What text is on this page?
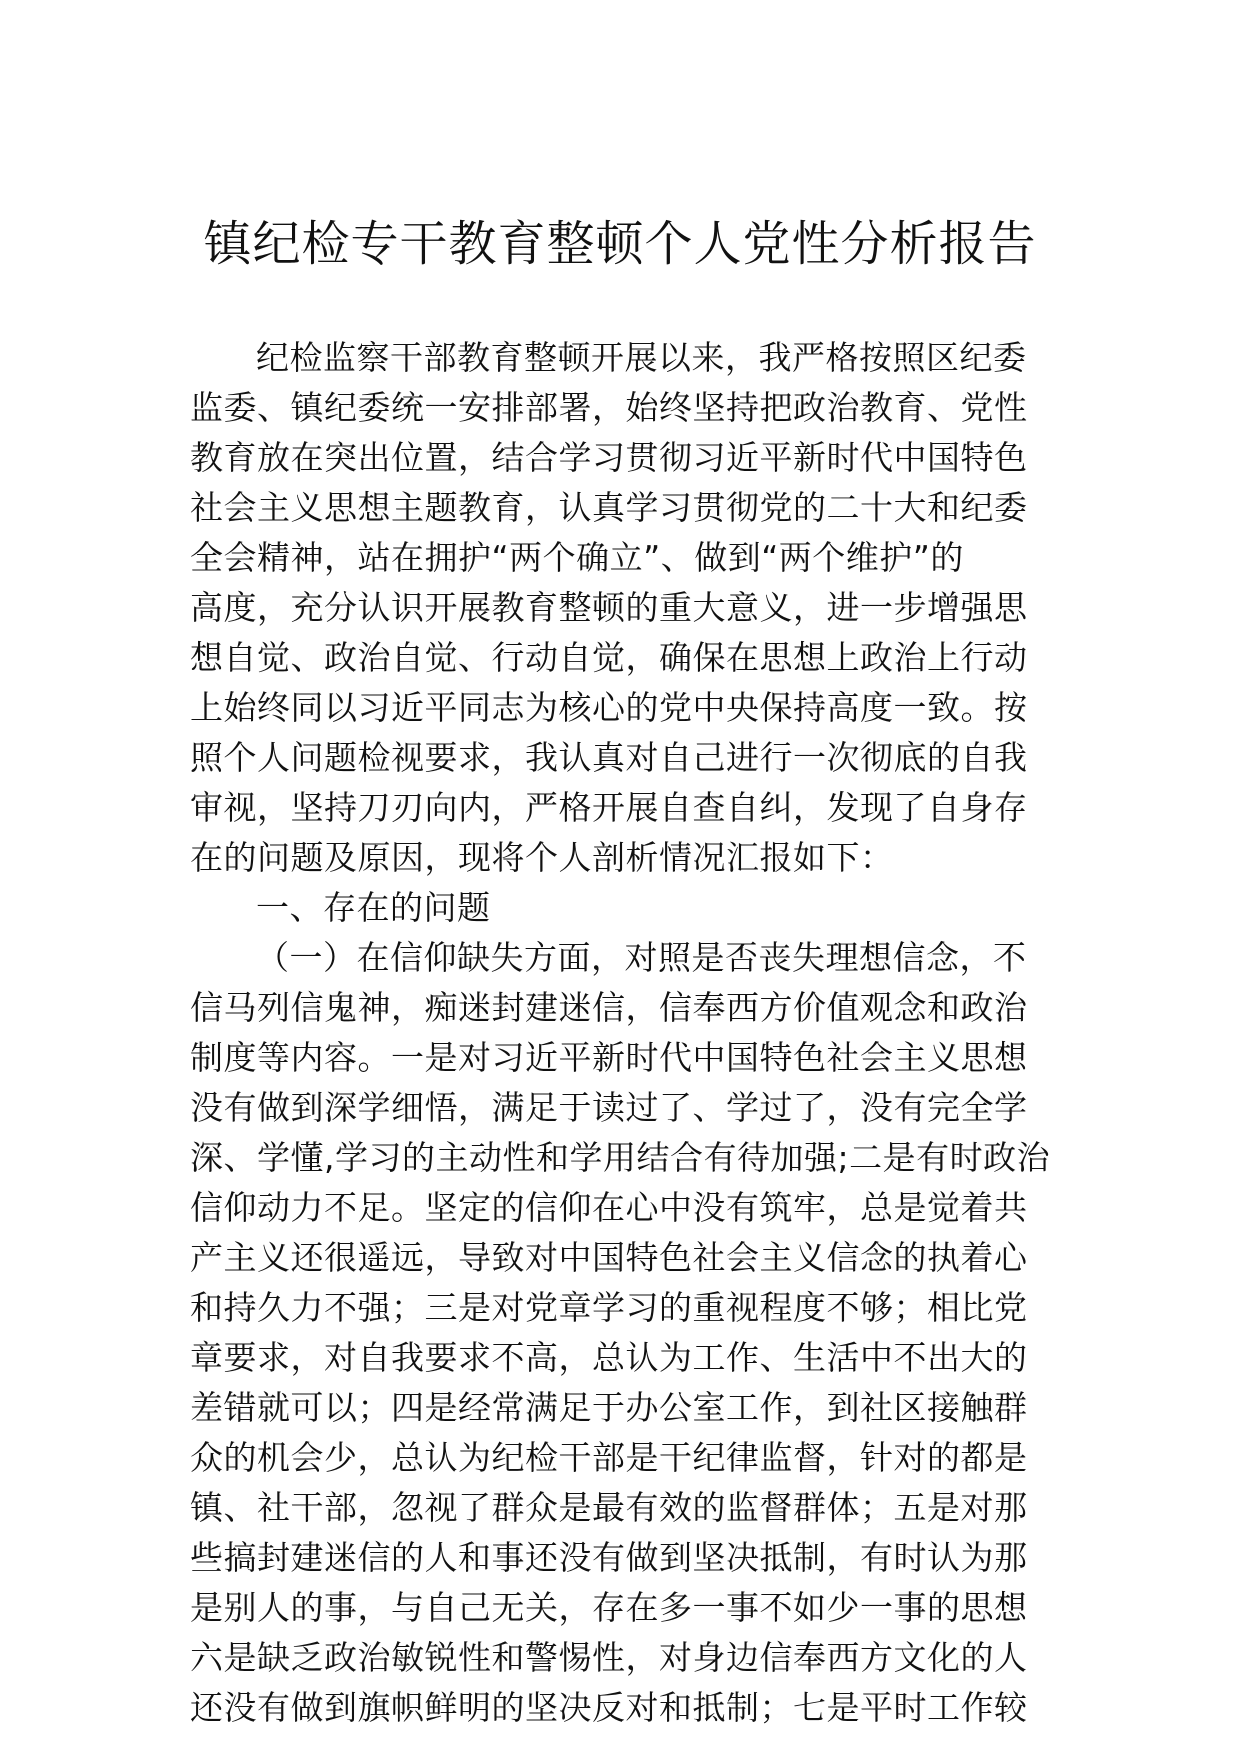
镇纪检专干教育整顿个人党性分析报告
纪检监察干部教育整顿开展以来，我严格按照区纪委
监委、镇纪委统一安排部署，始终坚持把政治教育、党性
教育放在突出位置，结合学习贯彻习近平新时代中国特色
社会主义思想主题教育，认真学习贯彻党的二十大和纪委
全会精神，站在拥护“两个确立”、做到“两个维护”的
高度，充分认识开展教育整顿的重大意义，进一步增强思
想自觉、政治自觉、行动自觉，确保在思想上政治上行动
上始终同以习近平同志为核心的党中央保持高度一致。按
照个人问题检视要求，我认真对自己进行一次彻底的自我
审视，坚持刀刃向内，严格开展自查自纠，发现了自身存
在的问题及原因，现将个人剖析情况汇报如下：
一、存在的问题
（一）在信仰缺失方面，对照是否丧失理想信念，不
信马列信鬼神，痴迷封建迷信，信奉西方价值观念和政治
制度等内容。一是对习近平新时代中国特色社会主义思想
没有做到深学细悟，满足于读过了、学过了，没有完全学
深、学懂,学习的主动性和学用结合有待加强;二是有时政治
信仰动力不足。坚定的信仰在心中没有筑牢，总是觉着共
产主义还很遥远，导致对中国特色社会主义信念的执着心
和持久力不强；三是对党章学习的重视程度不够；相比党
章要求，对自我要求不高，总认为工作、生活中不出大的
差错就可以；四是经常满足于办公室工作，到社区接触群
众的机会少，总认为纪检干部是干纪律监督，针对的都是
镇、社干部，忽视了群众是最有效的监督群体；五是对那
些搞封建迷信的人和事还没有做到坚决抵制，有时认为那
是别人的事，与自己无关，存在多一事不如少一事的思想
六是缺乏政治敏锐性和警惕性，对身边信奉西方文化的人
还没有做到旗帜鲜明的坚决反对和抵制；七是平时工作较
